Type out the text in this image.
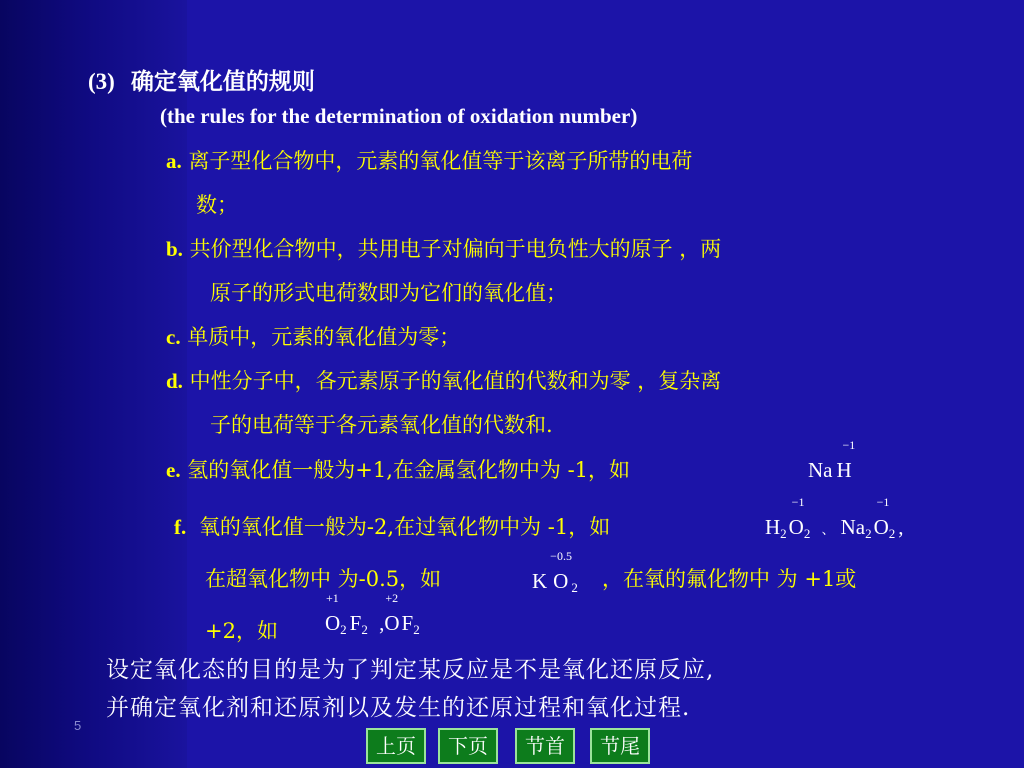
(3) 确定氧化值的规则
(the rules for the determination of oxidation number)
a. 离子型化合物中，元素的氧化值等于该离子所带的电荷
数；
b. 共价型化合物中，共用电子对偏向于电负性大的原子 ，两
原子的形式电荷数即为它们的氧化值；
c. 单质中，元素的氧化值为零；
d. 中性分子中，各元素原子的氧化值的代数和为零 ，复杂离
子的电荷等于各元素氧化值的代数和.
e. 氢的氧化值一般为+1,在金属氢化物中为 -1，如	Na H
−1
f. 氧的氧化值一般为-2,在过氧化物中为 -1，如	H2O
−1
2 、 Na2O
−1
2 ,
在超氧化物中 为-0.5，如	K O
−0.5
2 ，在氧的氟化物中 为 +1或
+2，如 O
+1
2 F2 ,O
+2
F2
设定氧化态的目的是为了判定某反应是不是氧化还原反应,
并确定氧化剂和还原剂以及发生的还原过程和氧化过程.
5
上页	下页	节首	节尾
